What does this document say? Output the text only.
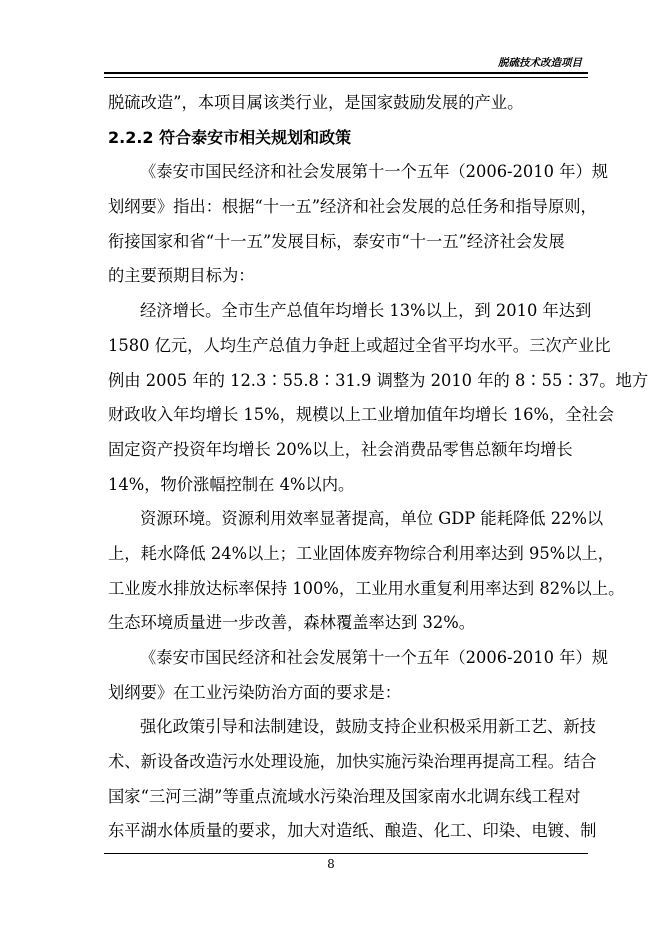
脱硫技术改造项目
脱硫改造”，本项目属该类行业，是国家鼓励发展的产业。
2.2.2 符合泰安市相关规划和政策
《泰安市国民经济和社会发展第十一个五年（2006-2010 年）规
划纲要》指出：根据“十一五”经济和社会发展的总任务和指导原则，
衔接国家和省“十一五”发展目标，泰安市“十一五”经济社会发展
的主要预期目标为：
经济增长。全市生产总值年均增长 13%以上，到 2010 年达到
1580 亿元，人均生产总值力争赶上或超过全省平均水平。三次产业比
例由 2005 年的 12.3∶55.8∶31.9 调整为 2010 年的 8∶55∶37。地方
财政收入年均增长 15%，规模以上工业增加值年均增长 16%，全社会
固定资产投资年均增长 20%以上，社会消费品零售总额年均增长
14%，物价涨幅控制在 4%以内。
资源环境。资源利用效率显著提高，单位 GDP 能耗降低 22%以
上，耗水降低 24%以上；工业固体废弃物综合利用率达到 95%以上，
工业废水排放达标率保持 100%，工业用水重复利用率达到 82%以上。
生态环境质量进一步改善，森林覆盖率达到 32%。
《泰安市国民经济和社会发展第十一个五年（2006-2010 年）规
划纲要》在工业污染防治方面的要求是：
强化政策引导和法制建设，鼓励支持企业积极采用新工艺、新技
术、新设备改造污水处理设施，加快实施污染治理再提高工程。结合
国家“三河三湖”等重点流域水污染治理及国家南水北调东线工程对
东平湖水体质量的要求，加大对造纸、酿造、化工、印染、电镀、制
8
